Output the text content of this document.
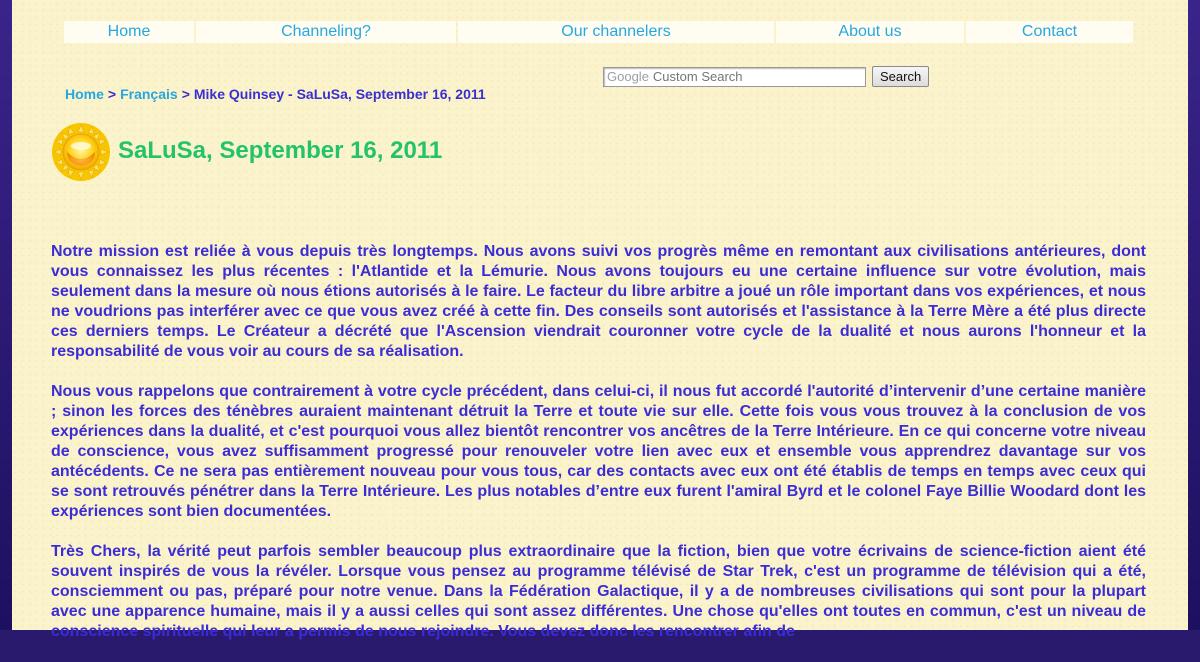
Home	Channeling?	Our channelers	About us	Contact
Google
Custom Search	Search
Home > Français > Mike Quinsey - SaLuSa, September 16, 2011
SaLuSa, September 16, 2011

Notre mission est reliée à vous depuis très longtemps. Nous avons suivi vos progrès même en remontant aux civilisations antérieures, dont vous connaissez les plus récentes : l'Atlantide et la Lémurie. Nous avons toujours eu une certaine influence sur votre évolution, mais seulement dans la mesure où nous étions autorisés à le faire. Le facteur du libre arbitre a joué un rôle important dans vos expériences, et nous ne voudrions pas interférer avec ce que vous avez créé à cette fin. Des conseils sont autorisés et l'assistance à la Terre Mère a été plus directe ces derniers temps. Le Créateur a décrété que l'Ascension viendrait couronner votre cycle de la dualité et nous aurons l'honneur et la responsabilité de vous voir au cours de sa réalisation.

Nous vous rappelons que contrairement à votre cycle précédent, dans celui-ci, il nous fut accordé l'autorité d’intervenir d’une certaine manière ; sinon les forces des ténèbres auraient maintenant détruit la Terre et toute vie sur elle. Cette fois vous vous trouvez à la conclusion de vos expériences dans la dualité, et c'est pourquoi vous allez bientôt rencontrer vos ancêtres de la Terre Intérieure. En ce qui concerne votre niveau de conscience, vous avez suffisamment progressé pour renouveler votre lien avec eux et ensemble vous apprendrez davantage sur vos antécédents. Ce ne sera pas entièrement nouveau pour vous tous, car des contacts avec eux ont été établis de temps en temps avec ceux qui se sont retrouvés pénétrer dans la Terre Intérieure. Les plus notables d’entre eux furent l'amiral Byrd et le colonel Faye Billie Woodard dont les expériences sont bien documentées.

Très Chers, la vérité peut parfois sembler beaucoup plus extraordinaire que la fiction, bien que votre écrivains de science-fiction aient été souvent inspirés de vous la révéler. Lorsque vous pensez au programme télévisé de Star Trek, c'est un programme de télévision qui a été, consciemment ou pas, préparé pour notre venue. Dans la Fédération Galactique, il y a de nombreuses civilisations qui sont pour la plupart avec une apparence humaine, mais il y a aussi celles qui sont assez différentes. Une chose qu'elles ont toutes en commun, c'est un niveau de conscience spirituelle qui leur a permis de nous rejoindre. Vous devez donc les rencontrer afin de
